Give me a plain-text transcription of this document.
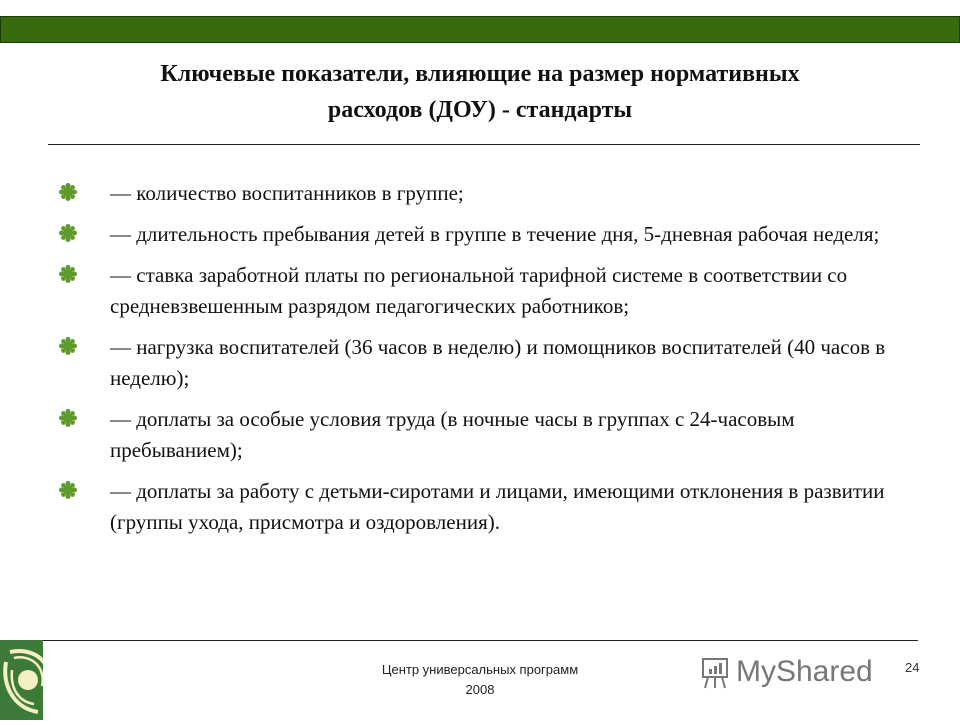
Ключевые показатели, влияющие на размер нормативных
расходов (ДОУ) - стандарты
— количество воспитанников в группе;
— длительность пребывания детей в группе в течение дня, 5-дневная рабочая неделя;
— ставка заработной платы по региональной тарифной системе в соответствии со средневзвешенным разрядом педагогических работников;
— нагрузка воспитателей (36 часов в неделю) и помощников воспитателей (40 часов в неделю);
— доплаты за особые условия труда (в ночные часы в группах с 24-часовым пребыванием);
— доплаты за работу с детьми-сиротами и лицами, имеющими отклонения в развитии (группы ухода, присмотра и оздоровления).
Центр универсальных программ
2008
MyShared 24
